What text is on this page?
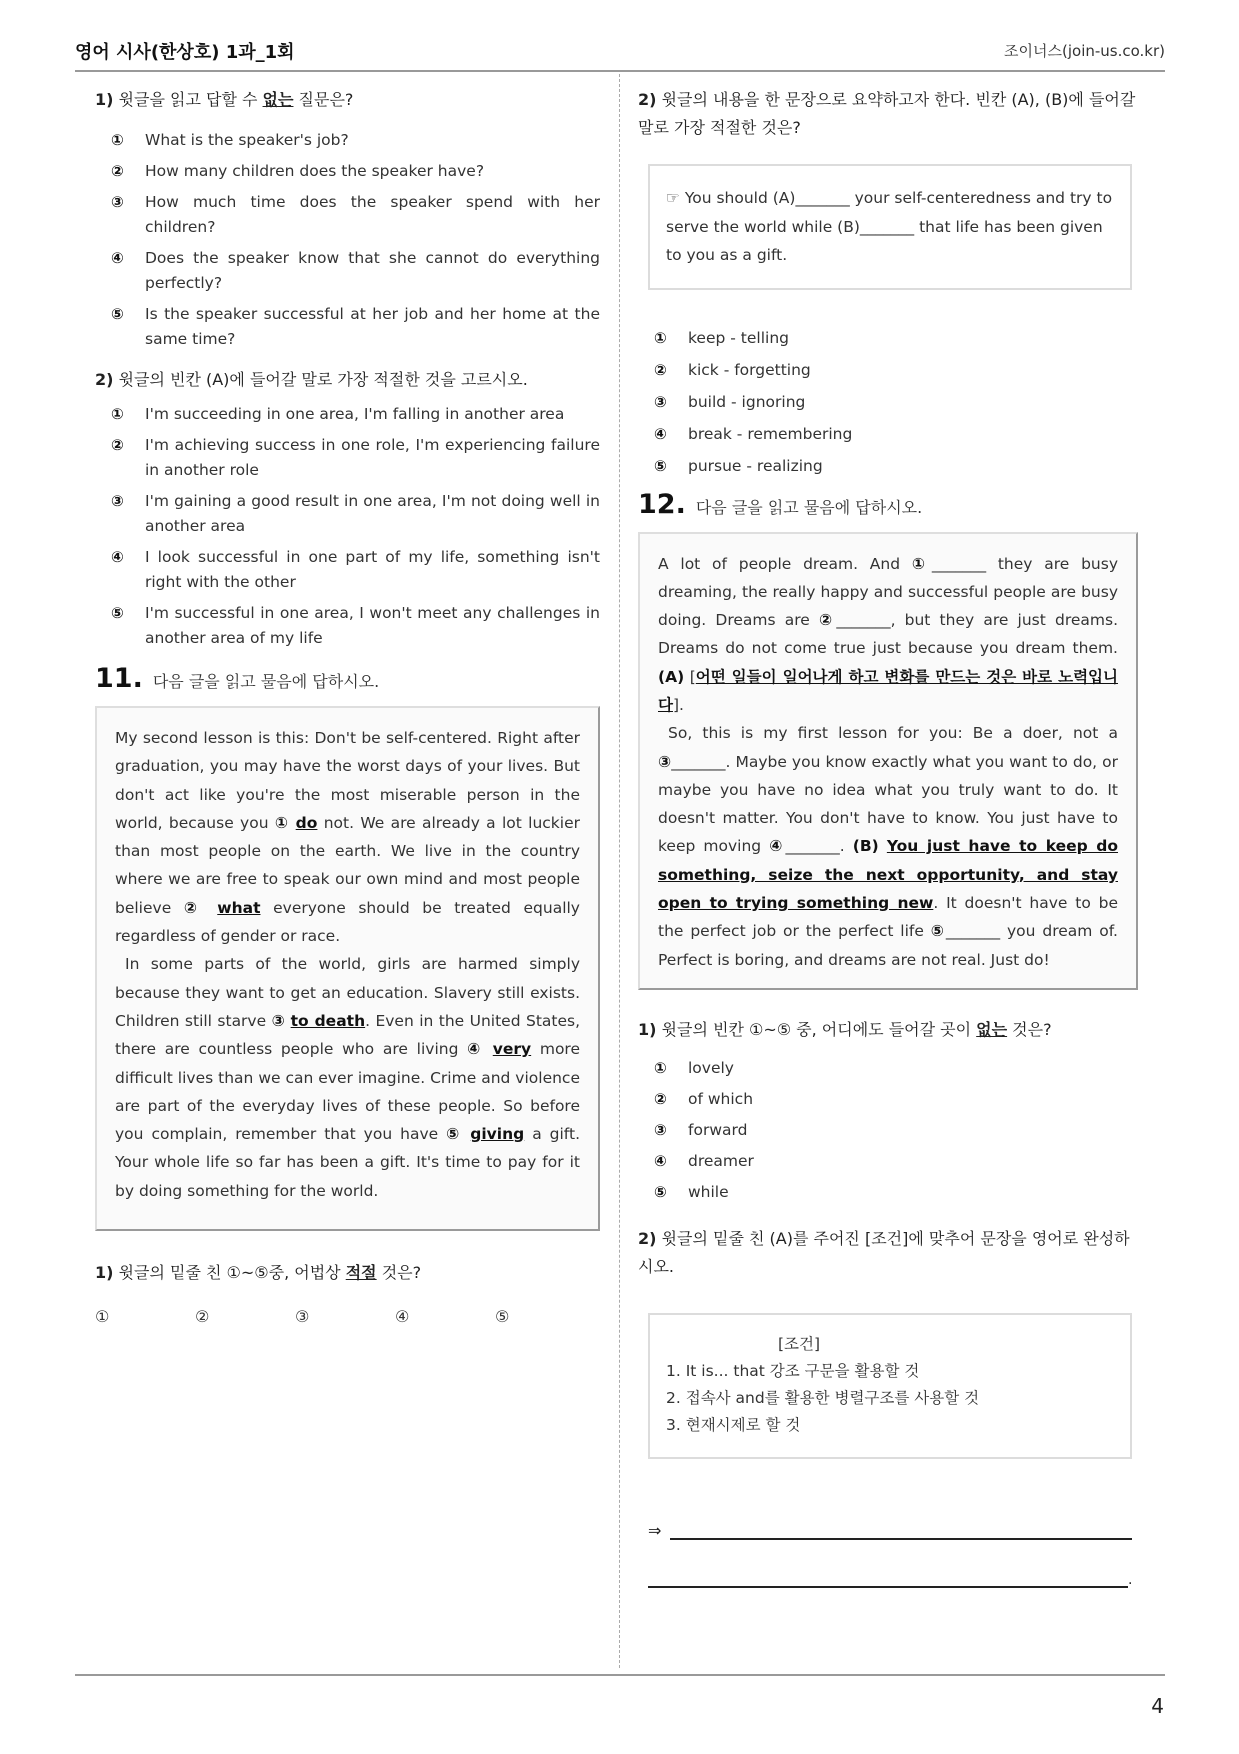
영어 시사(한상호) 1과_1회	조이너스(join-us.co.kr)
1) 윗글을 읽고 답할 수 없는 질문은?
①	What is the speaker's job?
②	How many children does the speaker have?
③	How much time does the speaker spend with her children?
④	Does the speaker know that she cannot do everything perfectly?
⑤	Is the speaker successful at her job and her home at the same time?
2) 윗글의 빈칸 (A)에 들어갈 말로 가장 적절한 것을 고르시오.
①	I'm succeeding in one area, I'm falling in another area
②	I'm achieving success in one role, I'm experiencing failure in another role
③	I'm gaining a good result in one area, I'm not doing well in another area
④	I look successful in one part of my life, something isn't right with the other
⑤	I'm successful in one area, I won't meet any challenges in another area of my life
11. 다음 글을 읽고 물음에 답하시오.
My second lesson is this: Don't be self-centered. Right after graduation, you may have the worst days of your lives. But don't act like you're the most miserable person in the world, because you ① do not. We are already a lot luckier than most people on the earth. We live in the country where we are free to speak our own mind and most people believe ② what everyone should be treated equally regardless of gender or race.
In some parts of the world, girls are harmed simply because they want to get an education. Slavery still exists. Children still starve ③ to death. Even in the United States, there are countless people who are living ④ very more difficult lives than we can ever imagine. Crime and violence are part of the everyday lives of these people. So before you complain, remember that you have ⑤ giving a gift. Your whole life so far has been a gift. It's time to pay for it by doing something for the world.
1) 윗글의 밑줄 친 ①~⑤중, 어법상 적절 것은?
①	②	③	④	⑤
2) 윗글의 내용을 한 문장으로 요약하고자 한다. 빈칸 (A), (B)에 들어갈 말로 가장 적절한 것은?
☞ You should (A)_______ your self-centeredness and try to serve the world while (B)_______ that life has been given to you as a gift.
①	keep - telling
②	kick - forgetting
③	build - ignoring
④	break - remembering
⑤	pursue - realizing
12. 다음 글을 읽고 물음에 답하시오.
A lot of people dream. And ①_______ they are busy dreaming, the really happy and successful people are busy doing. Dreams are ②_______, but they are just dreams. Dreams do not come true just because you dream them. (A) [어떤 일들이 일어나게 하고 변화를 만드는 것은 바로 노력입니다].
So, this is my first lesson for you: Be a doer, not a ③_______. Maybe you know exactly what you want to do, or maybe you have no idea what you truly want to do. It doesn't matter. You don't have to know. You just have to keep moving ④_______. (B) You just have to keep do something, seize the next opportunity, and stay open to trying something new. It doesn't have to be the perfect job or the perfect life ⑤_______ you dream of. Perfect is boring, and dreams are not real. Just do!
1) 윗글의 빈칸 ①~⑤ 중, 어디에도 들어갈 곳이 없는 것은?
①	lovely
②	of which
③	forward
④	dreamer
⑤	while
2) 윗글의 밑줄 친 (A)를 주어진 [조건]에 맞추어 문장을 영어로 완성하시오.
[조건]
1. It is... that 강조 구문을 활용할 것
2. 접속사 and를 활용한 병렬구조를 사용할 것
3. 현재시제로 할 것
⇒
.
4
